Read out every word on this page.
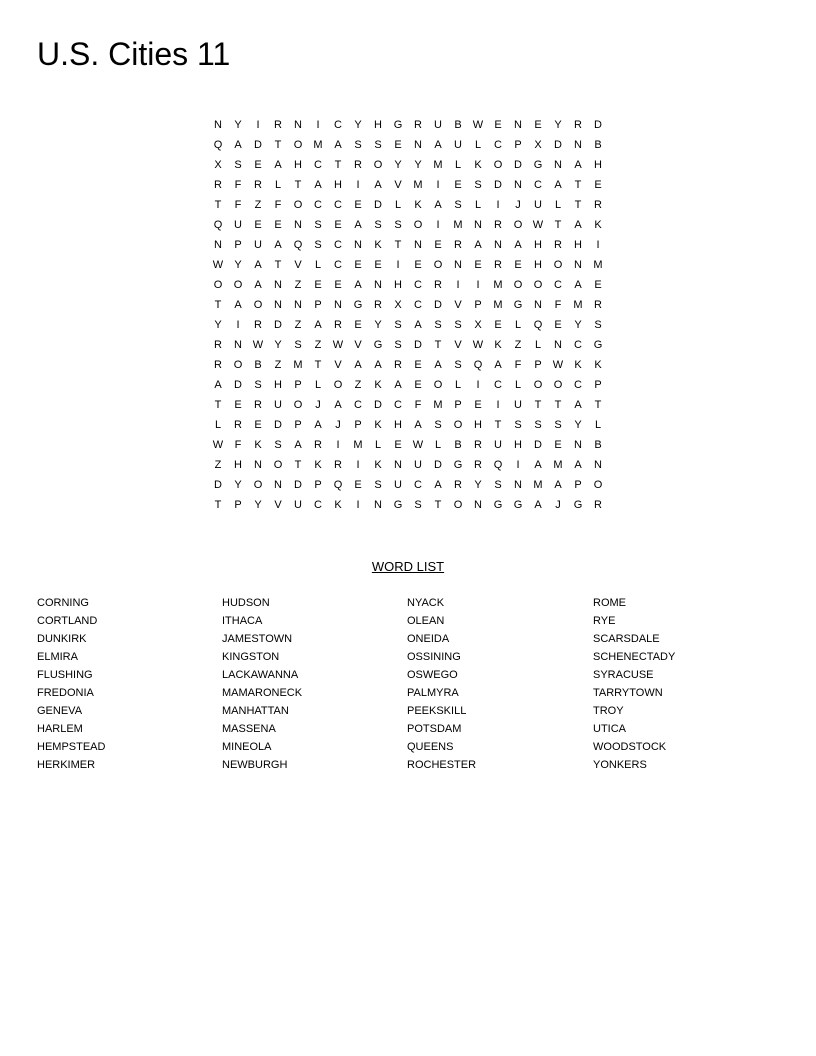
U.S. Cities 11
N	Y	I	R	N	I	C	Y	H	G	R	U	B	W	E	N	E	Y	R	D
Q	A	D	T	O	M	A	S	S	E	N	A	U	L	C	P	X	D	N	B
X	S	E	A	H	C	T	R	O	Y	Y	M	L	K	O	D	G	N	A	H
R	F	R	L	T	A	H	I	A	V	M	I	E	S	D	N	C	A	T	E
T	F	Z	F	O	C	C	E	D	L	K	A	S	L	I	J	U	L	T	R
Q	U	E	E	N	S	E	A	S	S	O	I	M	N	R	O W	T	A	K
N	P	U	A	Q	S	C	N	K	T	N	E	R	A	N	A	H	R	H	I
W	Y	A	T	V	L	C	E	E	I	E	O	N	E	R	E	H	O	N	M
O	O	A	N	Z	E	E	A	N	H	C	R	I	I	M	O	O	C	A	E
T	A	O	N	N	P	N	G	R	X	C	D	V	P	M	G	N	F	M	R
Y	I	R	D	Z	A	R	E	Y	S	A	S	S	X	E	L	Q	E	Y	S
R	N W	Y	S	Z	W	V	G	S	D	T	V	W	K	Z	L	N	C	G
R	O	B	Z	M	T	V	A	A	R	E	A	S	Q	A	F	P	W	K	K
A	D	S	H	P	L	O	Z	K	A	E	O	L	I	C	L	O	O	C	P
T	E	R	U	O	J	A	C	D	C	F	M	P	E	I	U	T	T	A	T
L	R	E	D	P	A	J	P	K	H	A	S	O	H	T	S	S	S	Y	L
W	F	K	S	A	R	I	M	L	E	W	L	B	R	U	H	D	E	N	B
Z	H	N	O	T	K	R	I	K	N	U	D	G	R	Q	I	A	M	A	N
D	Y	O	N	D	P	Q	E	S	U	C	A	R	Y	S	N	M	A	P	O
T	P	Y	V	U	C	K	I	N	G	S	T	O	N	G	G	A	J	G	R
WORD LIST
CORNING
CORTLAND
DUNKIRK
ELMIRA
FLUSHING
FREDONIA
GENEVA
HARLEM
HEMPSTEAD
HERKIMER
HUDSON
ITHACA
JAMESTOWN
KINGSTON
LACKAWANNA
MAMARONECK
MANHATTAN
MASSENA
MINEOLA
NEWBURGH
NYACK
OLEAN
ONEIDA
OSSINING
OSWEGO
PALMYRA
PEEKSKILL
POTSDAM
QUEENS
ROCHESTER
ROME
RYE
SCARSDALE
SCHENECTADY
SYRACUSE
TARRYTOWN
TROY
UTICA
WOODSTOCK
YONKERS
